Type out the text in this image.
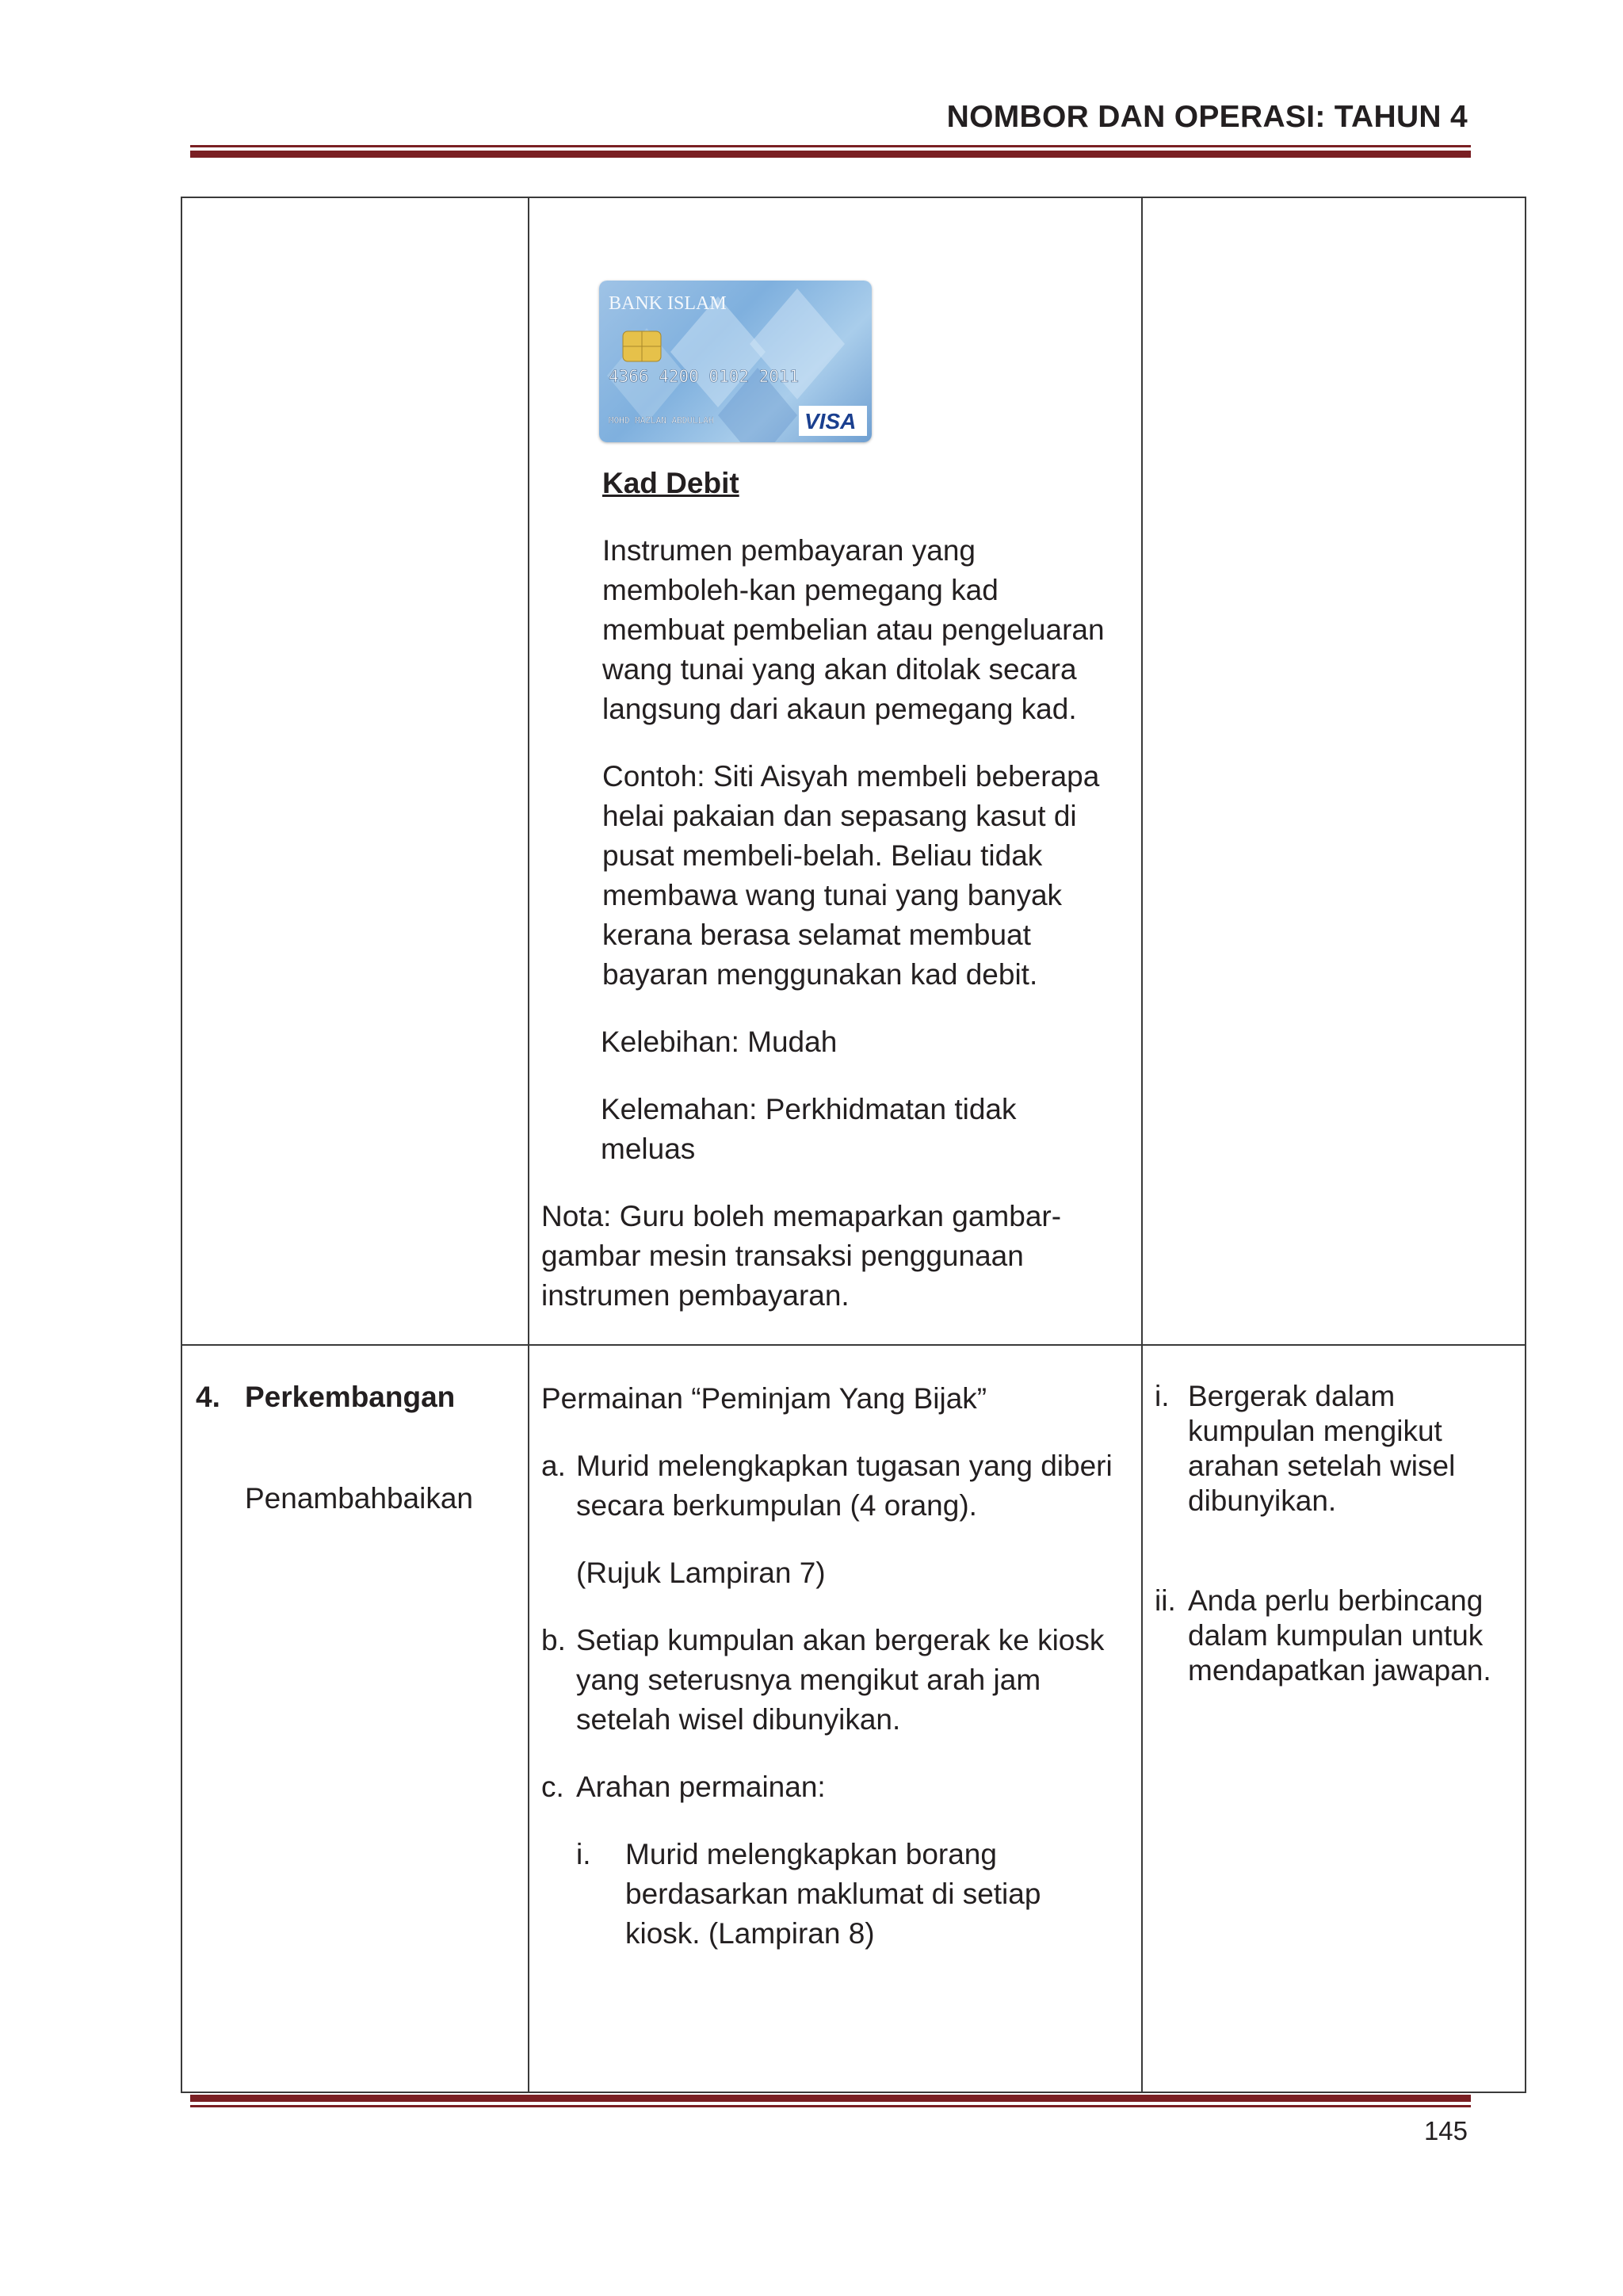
NOMBOR DAN OPERASI: TAHUN 4
BANK ISLAM
4366 4200 0102 2011
MOHD MAZLAN ABDULLAH	VISA
Kad Debit
Instrumen pembayaran yang
memboleh-kan pemegang kad
membuat pembelian atau pengeluaran
wang tunai yang akan ditolak secara
langsung dari akaun pemegang kad.
Contoh: Siti Aisyah membeli beberapa
helai pakaian dan sepasang kasut di
pusat membeli-belah. Beliau tidak
membawa wang tunai yang banyak
kerana berasa selamat membuat
bayaran menggunakan kad debit.
Kelebihan: Mudah
Kelemahan: Perkhidmatan tidak
meluas
Nota: Guru boleh memaparkan gambar-
gambar mesin transaksi penggunaan
instrumen pembayaran.
4. Perkembangan
Penambahbaikan
Permainan “Peminjam Yang Bijak”
a. Murid melengkapkan tugasan yang diberi
secara berkumpulan (4 orang).
(Rujuk Lampiran 7)
b. Setiap kumpulan akan bergerak ke kiosk
yang seterusnya mengikut arah jam
setelah wisel dibunyikan.
c. Arahan permainan:
i. Murid melengkapkan borang
berdasarkan maklumat di setiap
kiosk. (Lampiran 8)
i. Bergerak dalam
kumpulan mengikut
arahan setelah wisel
dibunyikan.
ii. Anda perlu berbincang
dalam kumpulan untuk
mendapatkan jawapan.
145
